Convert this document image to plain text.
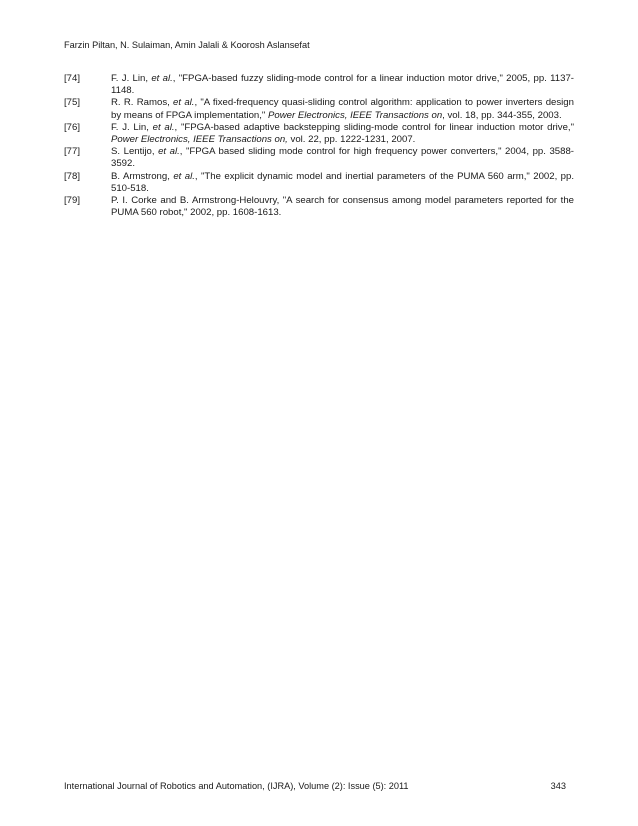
Farzin Piltan, N. Sulaiman, Amin Jalali & Koorosh Aslansefat
[74]	F. J. Lin, et al., "FPGA-based fuzzy sliding-mode control for a linear induction motor drive," 2005, pp. 1137-1148.
[75]	R. R. Ramos, et al., "A fixed-frequency quasi-sliding control algorithm: application to power inverters design by means of FPGA implementation," Power Electronics, IEEE Transactions on, vol. 18, pp. 344-355, 2003.
[76]	F. J. Lin, et al., "FPGA-based adaptive backstepping sliding-mode control for linear induction motor drive," Power Electronics, IEEE Transactions on, vol. 22, pp. 1222-1231, 2007.
[77]	S. Lentijo, et al., "FPGA based sliding mode control for high frequency power converters," 2004, pp. 3588-3592.
[78]	B. Armstrong, et al., "The explicit dynamic model and inertial parameters of the PUMA 560 arm," 2002, pp. 510-518.
[79]	P. I. Corke and B. Armstrong-Helouvry, "A search for consensus among model parameters reported for the PUMA 560 robot," 2002, pp. 1608-1613.
International Journal of Robotics and Automation, (IJRA), Volume (2): Issue (5): 2011	343
